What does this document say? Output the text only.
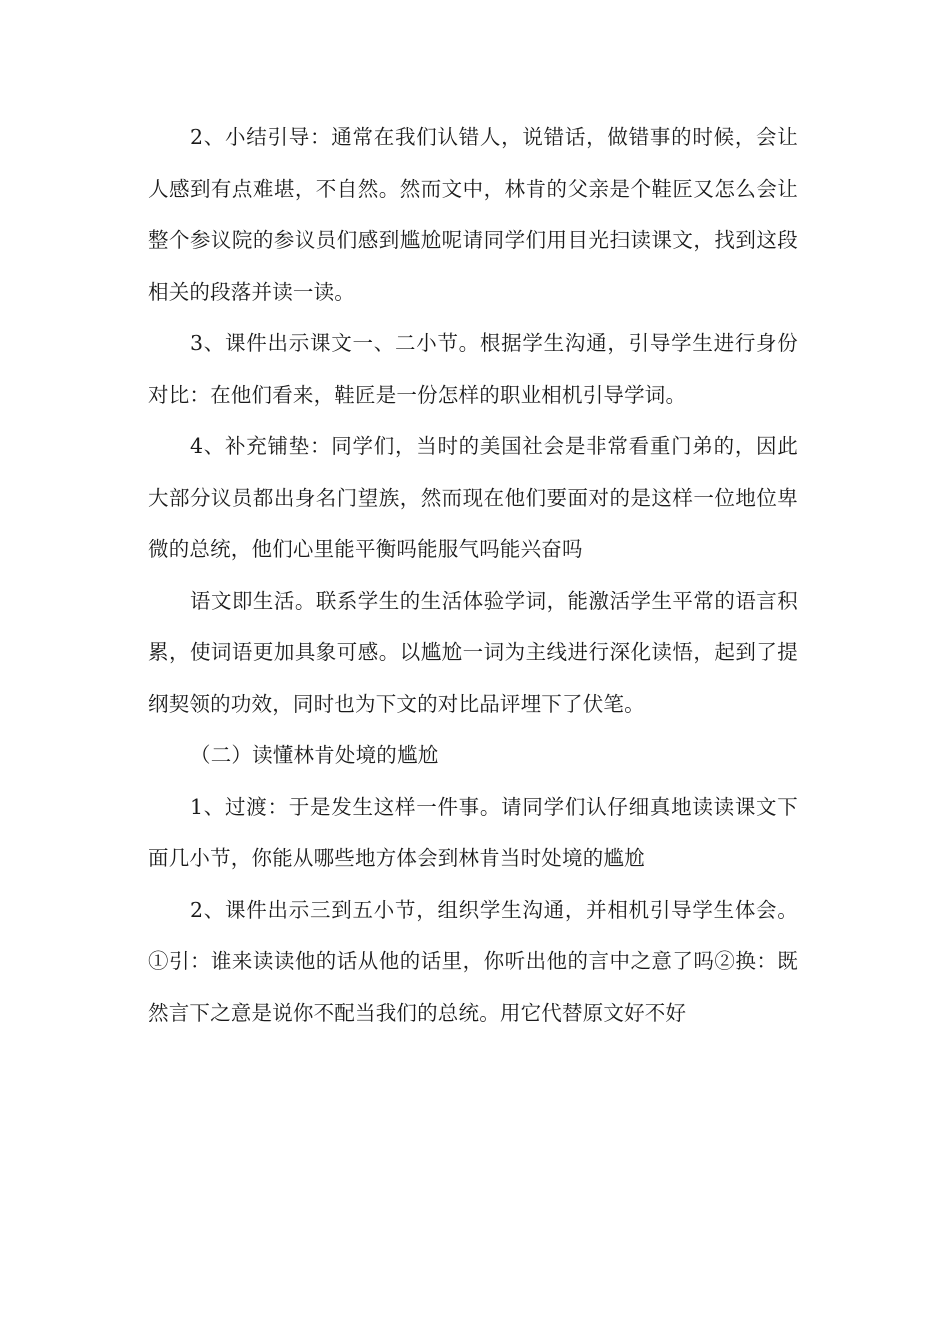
2、小结引导：通常在我们认错人，说错话，做错事的时候，会让人感到有点难堪，不自然。然而文中，林肯的父亲是个鞋匠又怎么会让整个参议院的参议员们感到尴尬呢请同学们用目光扫读课文，找到这段相关的段落并读一读。

3、课件出示课文一、二小节。根据学生沟通，引导学生进行身份对比：在他们看来，鞋匠是一份怎样的职业相机引导学词。

4、补充铺垫：同学们，当时的美国社会是非常看重门弟的，因此大部分议员都出身名门望族，然而现在他们要面对的是这样一位地位卑微的总统，他们心里能平衡吗能服气吗能兴奋吗

语文即生活。联系学生的生活体验学词，能激活学生平常的语言积累，使词语更加具象可感。以尴尬一词为主线进行深化读悟，起到了提纲契领的功效，同时也为下文的对比品评埋下了伏笔。

（二）读懂林肯处境的尴尬

1、过渡：于是发生这样一件事。请同学们认仔细真地读读课文下面几小节，你能从哪些地方体会到林肯当时处境的尴尬

2、课件出示三到五小节，组织学生沟通，并相机引导学生体会。①引：谁来读读他的话从他的话里，你听出他的言中之意了吗②换：既然言下之意是说你不配当我们的总统。用它代替原文好不好
